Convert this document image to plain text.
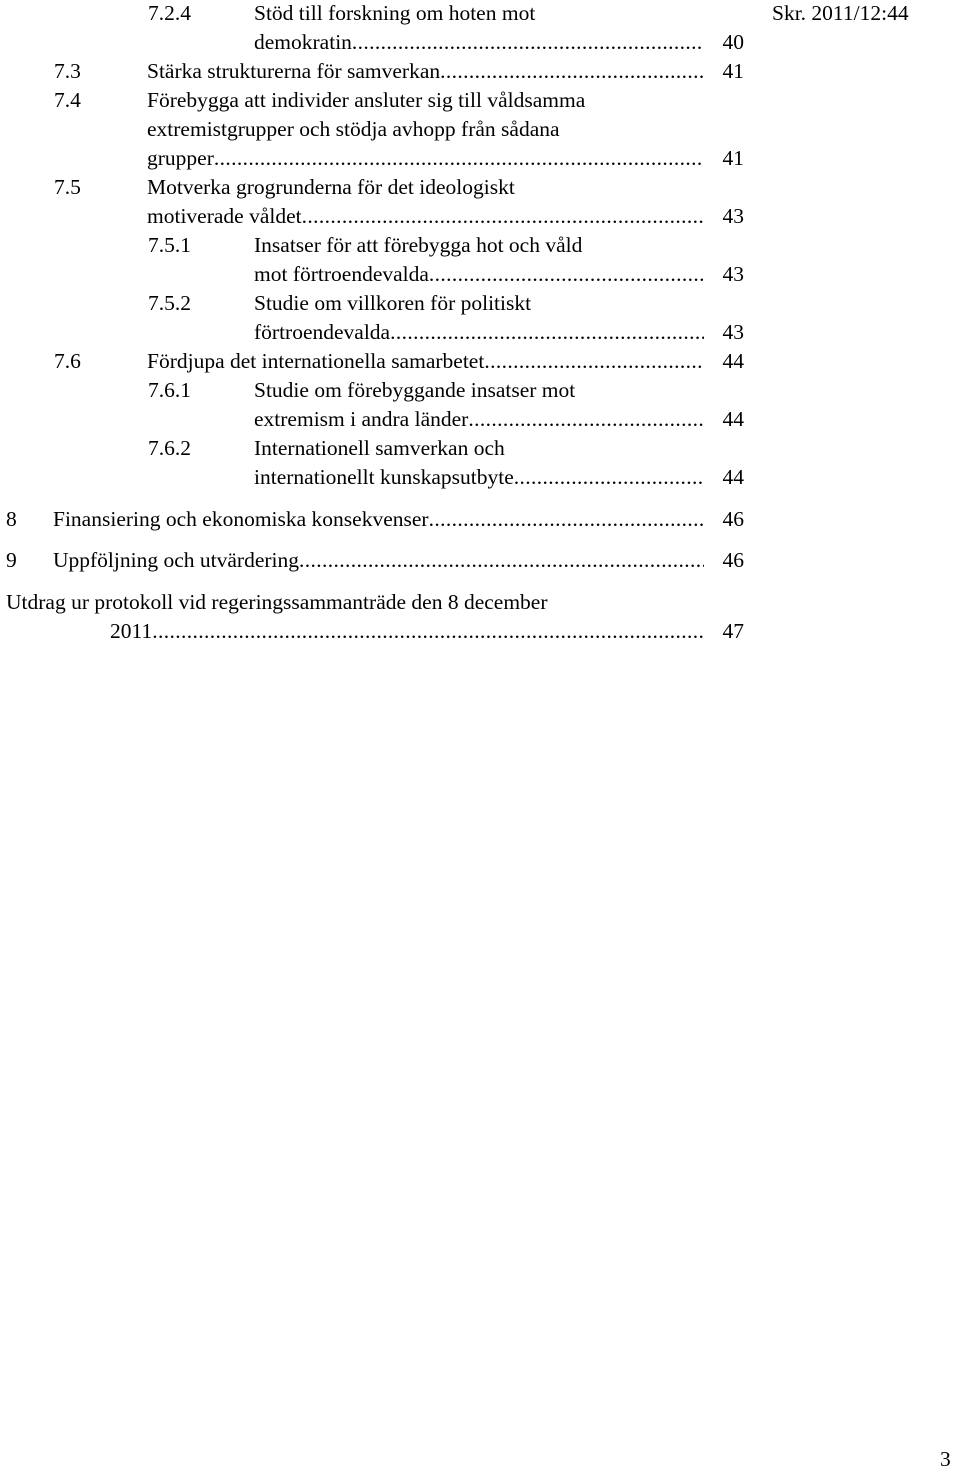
Skr. 2011/12:44
7.2.4	Stöd till forskning om hoten mot
demokratin . . .	40
7.3	Stärka strukturerna för samverkan . . .	41
7.4	Förebygga att individer ansluter sig till våldsamma
extremistgrupper och stödja avhopp från sådana
grupper . . .	41
7.5	Motverka grogrunderna för det ideologiskt
motiverade våldet . . .	43
7.5.1	Insatser för att förebygga hot och våld
mot förtroendevalda . . .	43
7.5.2	Studie om villkoren för politiskt
förtroendevalda . . .	43
7.6	Fördjupa det internationella samarbetet . . .	44
7.6.1	Studie om förebyggande insatser mot
extremism i andra länder . . .	44
7.6.2	Internationell samverkan och
internationellt kunskapsutbyte . . .	44
8 Finansiering och ekonomiska konsekvenser . . .	46
9 Uppföljning och utvärdering . . .	46
Utdrag ur protokoll vid regeringssammanträde den 8 december
2011 . . .	47
3
